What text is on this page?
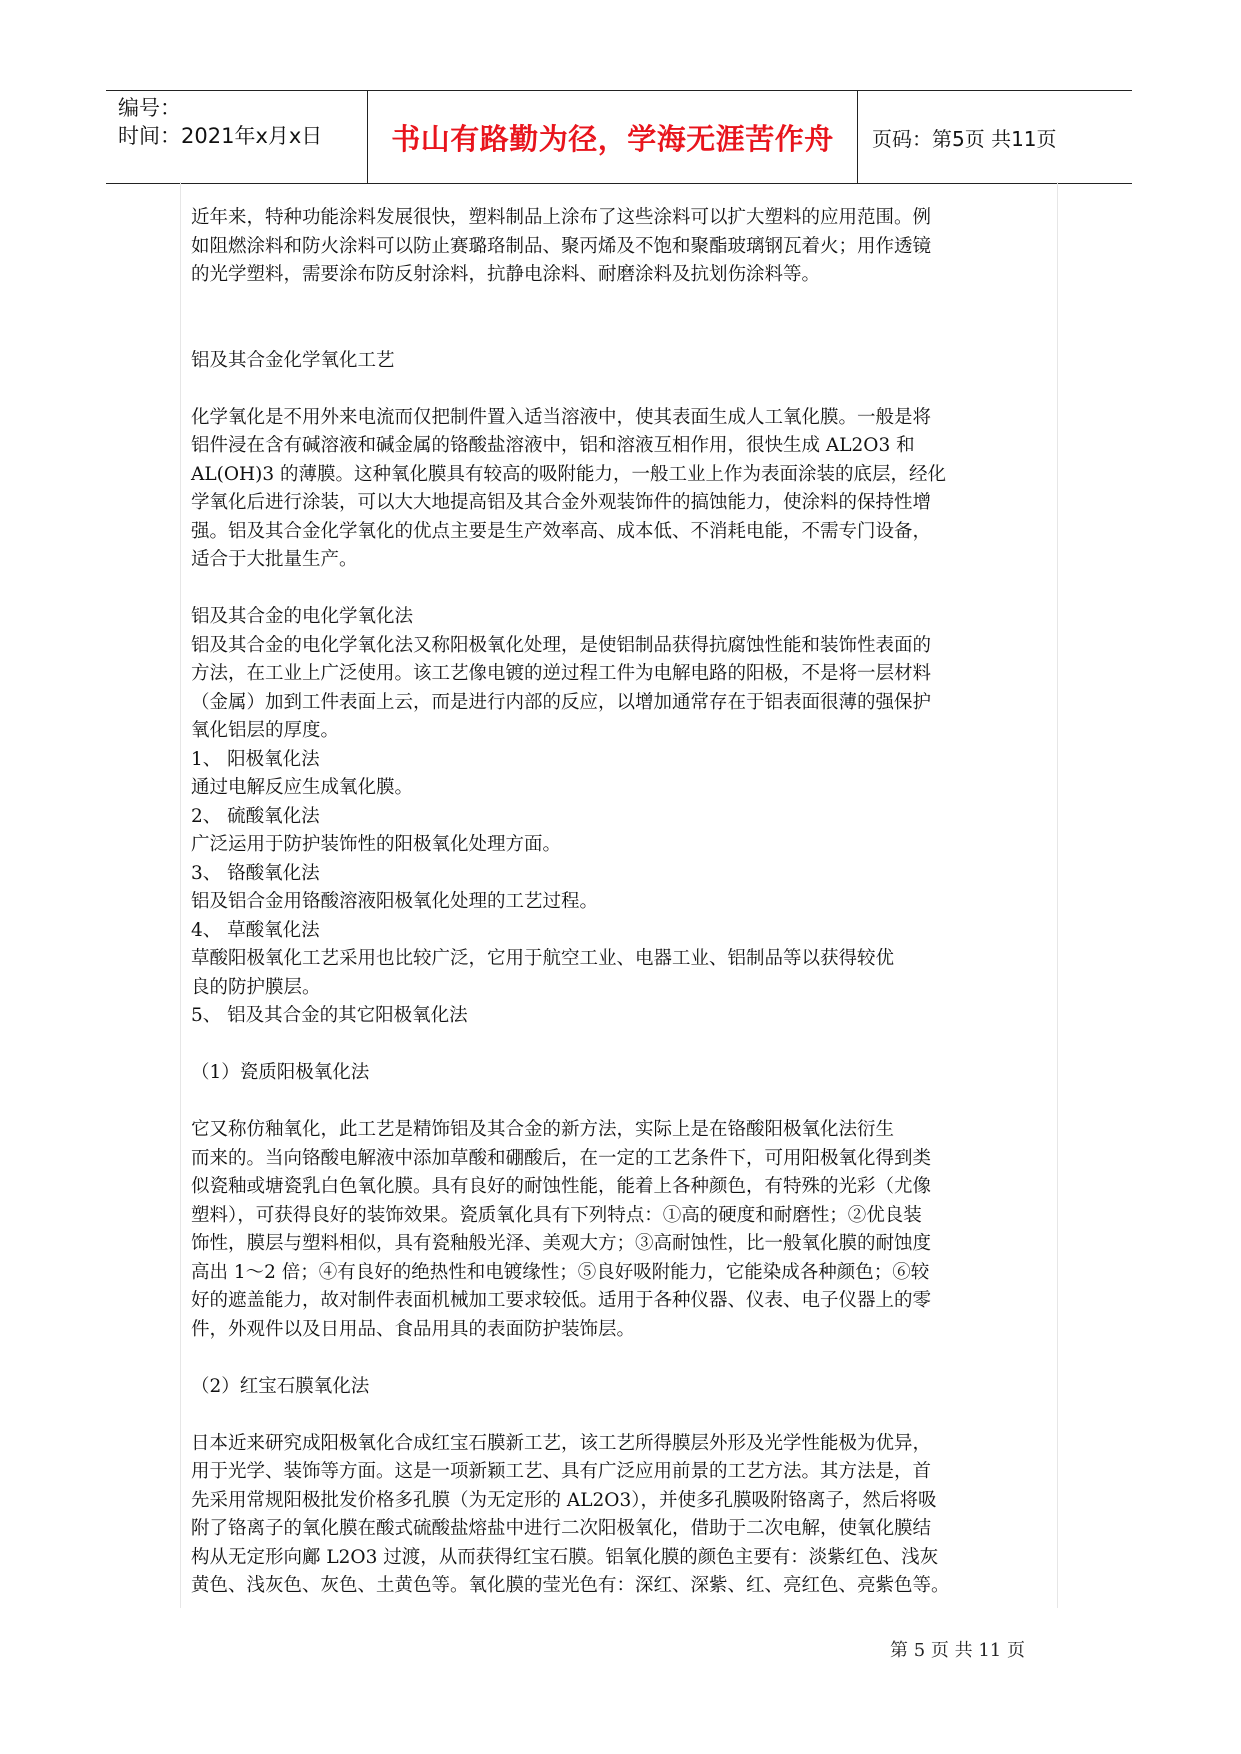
编号：
时间：2021年x月x日	书山有路勤为径，学海无涯苦作舟	页码：第5页 共11页

近年来，特种功能涂料发展很快，塑料制品上涂布了这些涂料可以扩大塑料的应用范围。例
如阻燃涂料和防火涂料可以防止赛璐珞制品、聚丙烯及不饱和聚酯玻璃钢瓦着火；用作透镜
的光学塑料，需要涂布防反射涂料，抗静电涂料、耐磨涂料及抗划伤涂料等。

铝及其合金化学氧化工艺

化学氧化是不用外来电流而仅把制件置入适当溶液中，使其表面生成人工氧化膜。一般是将
铝件浸在含有碱溶液和碱金属的铬酸盐溶液中，铝和溶液互相作用，很快生成 AL2O3 和
AL(OH)3 的薄膜。这种氧化膜具有较高的吸附能力，一般工业上作为表面涂装的底层，经化
学氧化后进行涂装，可以大大地提高铝及其合金外观装饰件的搞蚀能力，使涂料的保持性增
强。铝及其合金化学氧化的优点主要是生产效率高、成本低、不消耗电能，不需专门设备，
适合于大批量生产。

铝及其合金的电化学氧化法

铝及其合金的电化学氧化法又称阳极氧化处理，是使铝制品获得抗腐蚀性能和装饰性表面的
方法，在工业上广泛使用。该工艺像电镀的逆过程工件为电解电路的阳极，不是将一层材料
（金属）加到工件表面上云，而是进行内部的反应，以增加通常存在于铝表面很薄的强保护
氧化铝层的厚度。

1、 阳极氧化法
通过电解反应生成氧化膜。
2、 硫酸氧化法
广泛运用于防护装饰性的阳极氧化处理方面。
3、 铬酸氧化法
铝及铝合金用铬酸溶液阳极氧化处理的工艺过程。
4、 草酸氧化法
草酸阳极氧化工艺采用也比较广泛，它用于航空工业、电器工业、铝制品等以获得较优
良的防护膜层。
5、 铝及其合金的其它阳极氧化法

（1）瓷质阳极氧化法

它又称仿釉氧化，此工艺是精饰铝及其合金的新方法，实际上是在铬酸阳极氧化法衍生
而来的。当向铬酸电解液中添加草酸和硼酸后，在一定的工艺条件下，可用阳极氧化得到类
似瓷釉或塘瓷乳白色氧化膜。具有良好的耐蚀性能，能着上各种颜色，有特殊的光彩（尤像
塑料），可获得良好的装饰效果。瓷质氧化具有下列特点：①高的硬度和耐磨性；②优良装
饰性，膜层与塑料相似，具有瓷釉般光泽、美观大方；③高耐蚀性，比一般氧化膜的耐蚀度
高出 1～2 倍；④有良好的绝热性和电镀缘性；⑤良好吸附能力，它能染成各种颜色；⑥较
好的遮盖能力，故对制件表面机械加工要求较低。适用于各种仪器、仪表、电子仪器上的零
件，外观件以及日用品、食品用具的表面防护装饰层。

（2）红宝石膜氧化法

日本近来研究成阳极氧化合成红宝石膜新工艺，该工艺所得膜层外形及光学性能极为优异，
用于光学、装饰等方面。这是一项新颖工艺、具有广泛应用前景的工艺方法。其方法是，首
先采用常规阳极批发价格多孔膜（为无定形的 AL2O3），并使多孔膜吸附铬离子，然后将吸
附了铬离子的氧化膜在酸式硫酸盐熔盐中进行二次阳极氧化，借助于二次电解，使氧化膜结
构从无定形向鄺 L2O3 过渡，从而获得红宝石膜。铝氧化膜的颜色主要有：淡紫红色、浅灰
黄色、浅灰色、灰色、土黄色等。氧化膜的莹光色有：深红、深紫、红、亮红色、亮紫色等。

第 5 页 共 11 页
